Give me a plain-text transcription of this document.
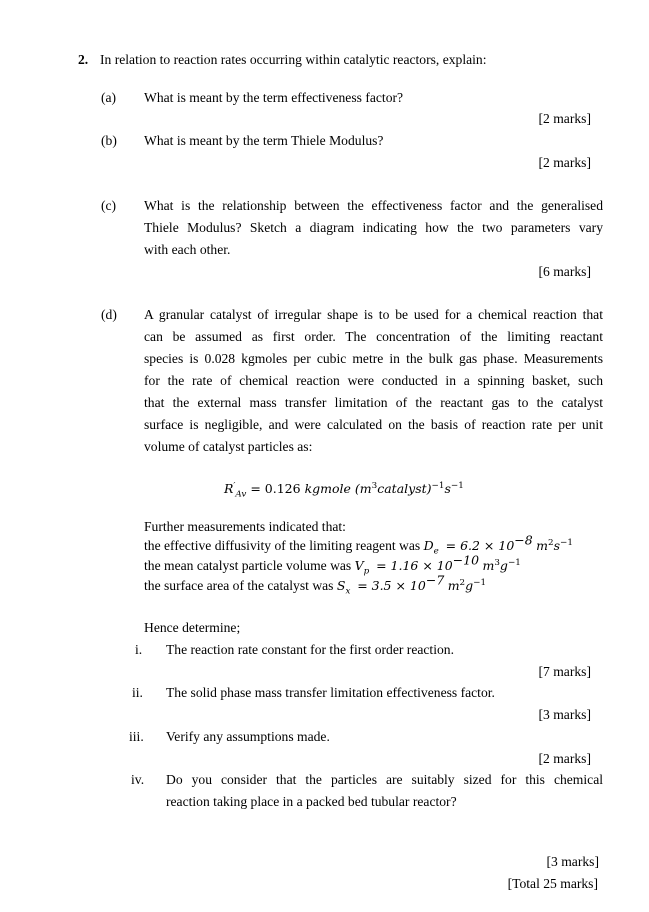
2. In relation to reaction rates occurring within catalytic reactors, explain:
(a) What is meant by the term effectiveness factor?
[2 marks]
(b) What is meant by the term Thiele Modulus?
[2 marks]
(c) What is the relationship between the effectiveness factor and the generalised
Thiele Modulus? Sketch a diagram indicating how the two parameters vary
with each other.
[6 marks]
(d) A granular catalyst of irregular shape is to be used for a chemical reaction that
can be assumed as first order. The concentration of the limiting reactant
species is 0.028 kgmoles per cubic metre in the bulk gas phase. Measurements
for the rate of chemical reaction were conducted in a spinning basket, such
that the external mass transfer limitation of the reactant gas to the catalyst
surface is negligible, and were calculated on the basis of reaction rate per unit
volume of catalyst particles as:
$R'_{Av} = 0.126$ kgmole $(m^3catalyst)^{-1}s^{-1}$
Further measurements indicated that:
the effective diffusivity of the limiting reagent was $D_e = 6.2 \times 10^{-8}$ $m^2s^{-1}$
the mean catalyst particle volume was $V_p = 1.16 \times 10^{-10}$ $m^3g^{-1}$
the surface area of the catalyst was $S_x = 3.5 \times 10^{-7}$ $m^2g^{-1}$
Hence determine;
i. The reaction rate constant for the first order reaction.
[7 marks]
ii. The solid phase mass transfer limitation effectiveness factor.
[3 marks]
iii. Verify any assumptions made.
[2 marks]
iv. Do you consider that the particles are suitably sized for this chemical
reaction taking place in a packed bed tubular reactor?
[3 marks]
[Total 25 marks]
